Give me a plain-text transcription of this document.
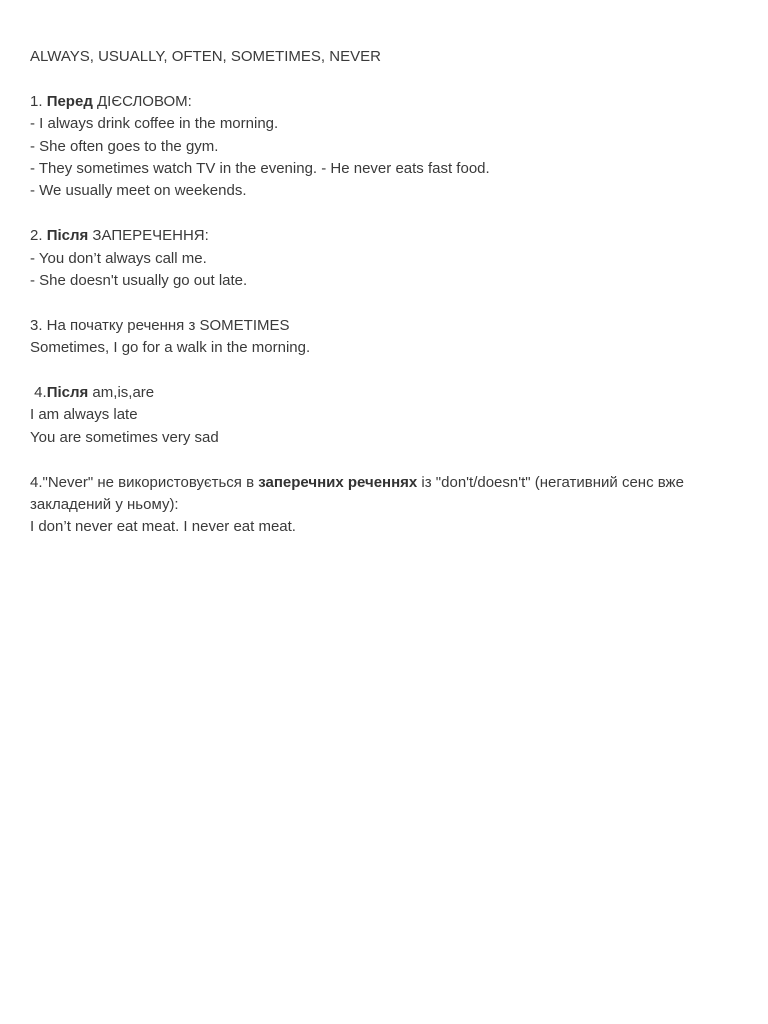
ALWAYS, USUALLY, OFTEN, SOMETIMES, NEVER
1. Перед ДІЄСЛОВОМ:
- I always drink coffee in the morning.
- She often goes to the gym.
- They sometimes watch TV in the evening. - He never eats fast food.
- We usually meet on weekends.
2. Після ЗАПЕРЕЧЕННЯ:
- You don’t always call me.
- She doesn't usually go out late.
3. На початку речення з SOMETIMES
Sometimes, I go for a walk in the morning.
4.Після am,is,are
I am always late
You are sometimes very sad
4."Never" не використовується в заперечних реченнях із "don't/doesn't" (негативний сенс вже закладений у ньому):
I don’t never eat meat. I never eat meat.
